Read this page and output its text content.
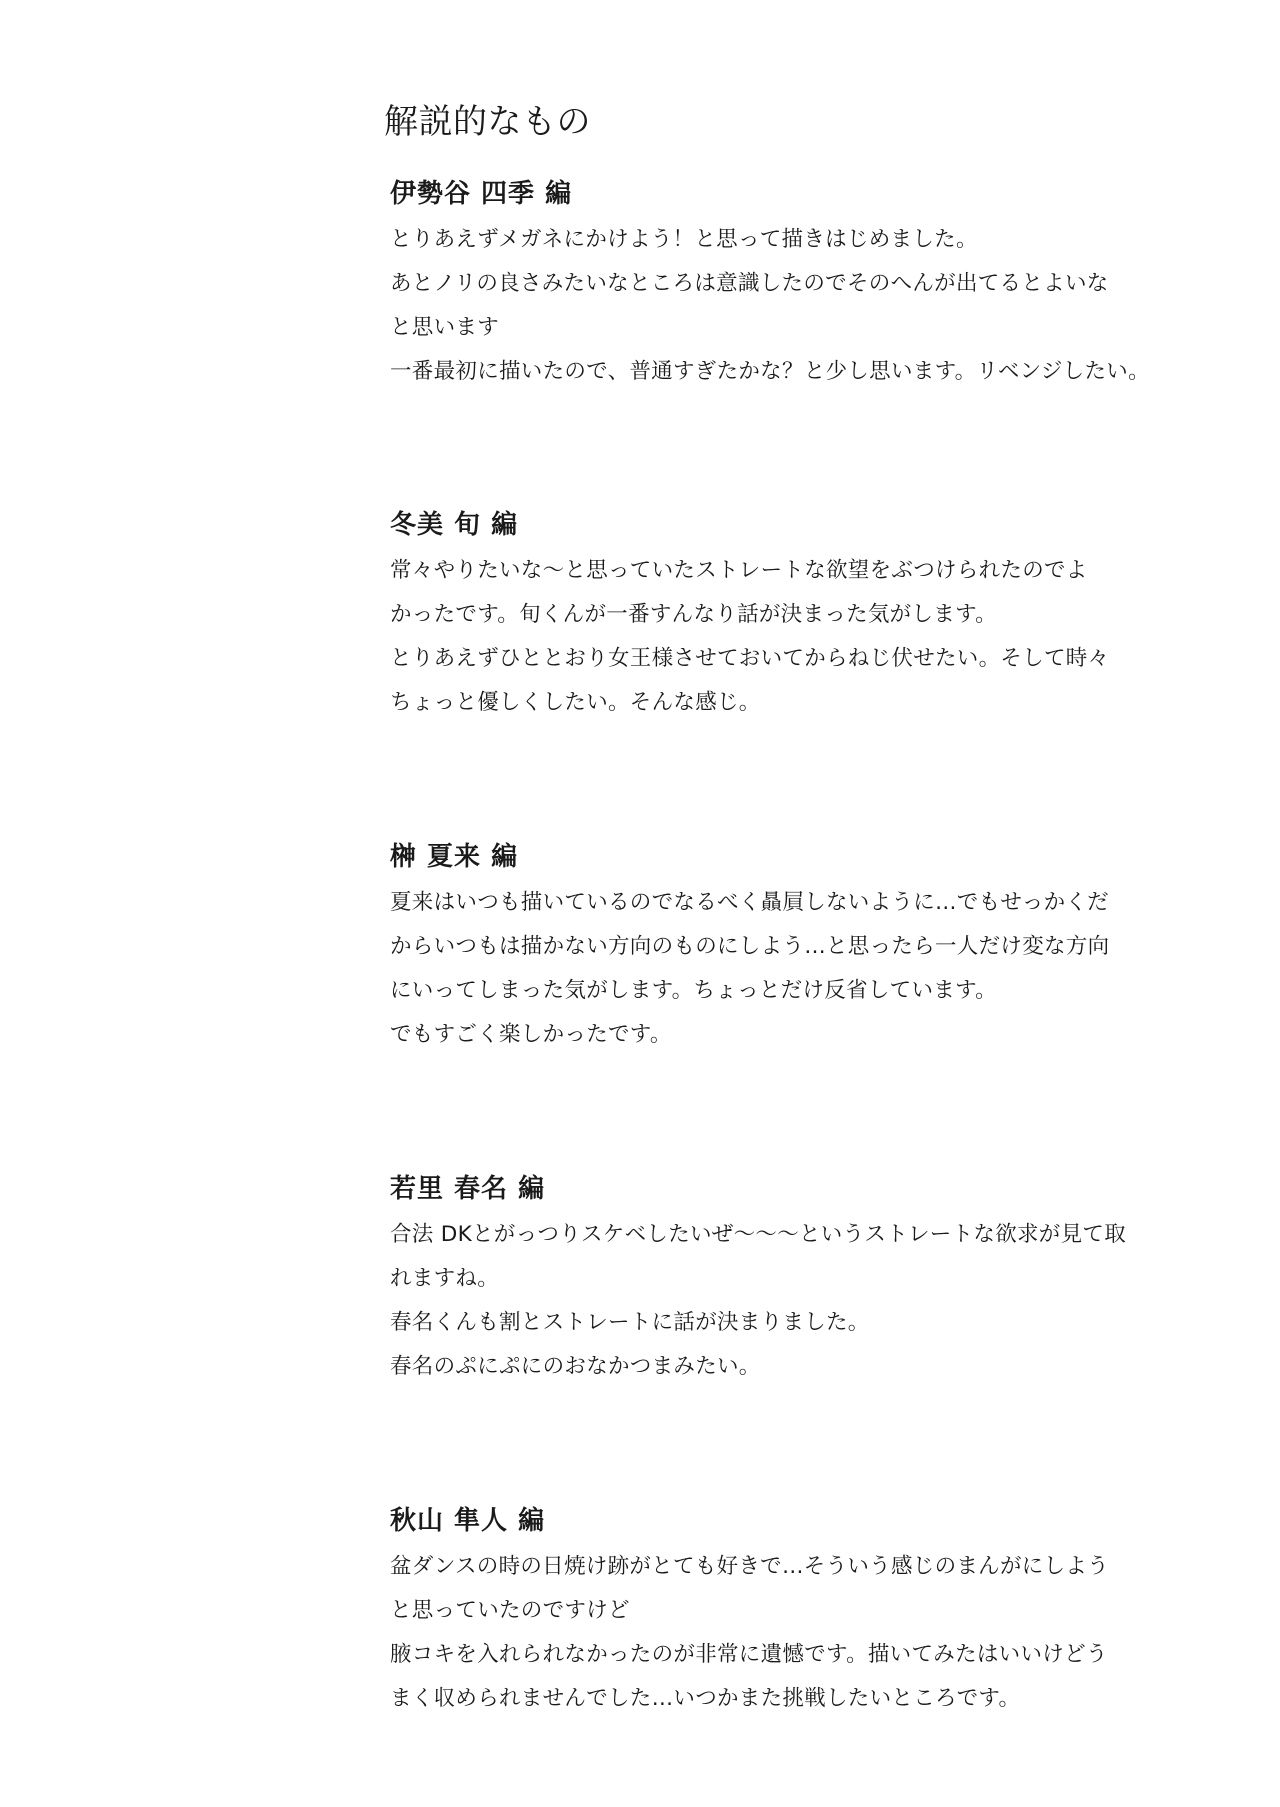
解説的なもの
伊勢谷 四季 編
とりあえずメガネにかけよう！と思って描きはじめました。
あとノリの良さみたいなところは意識したのでそのへんが出てるとよいな
と思います
一番最初に描いたので、普通すぎたかな？と少し思います。リベンジしたい。
冬美 旬 編
常々やりたいな〜と思っていたストレートな欲望をぶつけられたのでよ
かったです。旬くんが一番すんなり話が決まった気がします。
とりあえずひととおり女王様させておいてからねじ伏せたい。そして時々
ちょっと優しくしたい。そんな感じ。
榊 夏来 編
夏来はいつも描いているのでなるべく贔屓しないように…でもせっかくだ
からいつもは描かない方向のものにしよう…と思ったら一人だけ変な方向
にいってしまった気がします。ちょっとだけ反省しています。
でもすごく楽しかったです。
若里 春名 編
合法 DKとがっつりスケベしたいぜ〜〜〜というストレートな欲求が見て取
れますね。
春名くんも割とストレートに話が決まりました。
春名のぷにぷにのおなかつまみたい。
秋山 隼人 編
盆ダンスの時の日焼け跡がとても好きで…そういう感じのまんがにしよう
と思っていたのですけど
腋コキを入れられなかったのが非常に遺憾です。描いてみたはいいけどう
まく収められませんでした…いつかまた挑戦したいところです。
